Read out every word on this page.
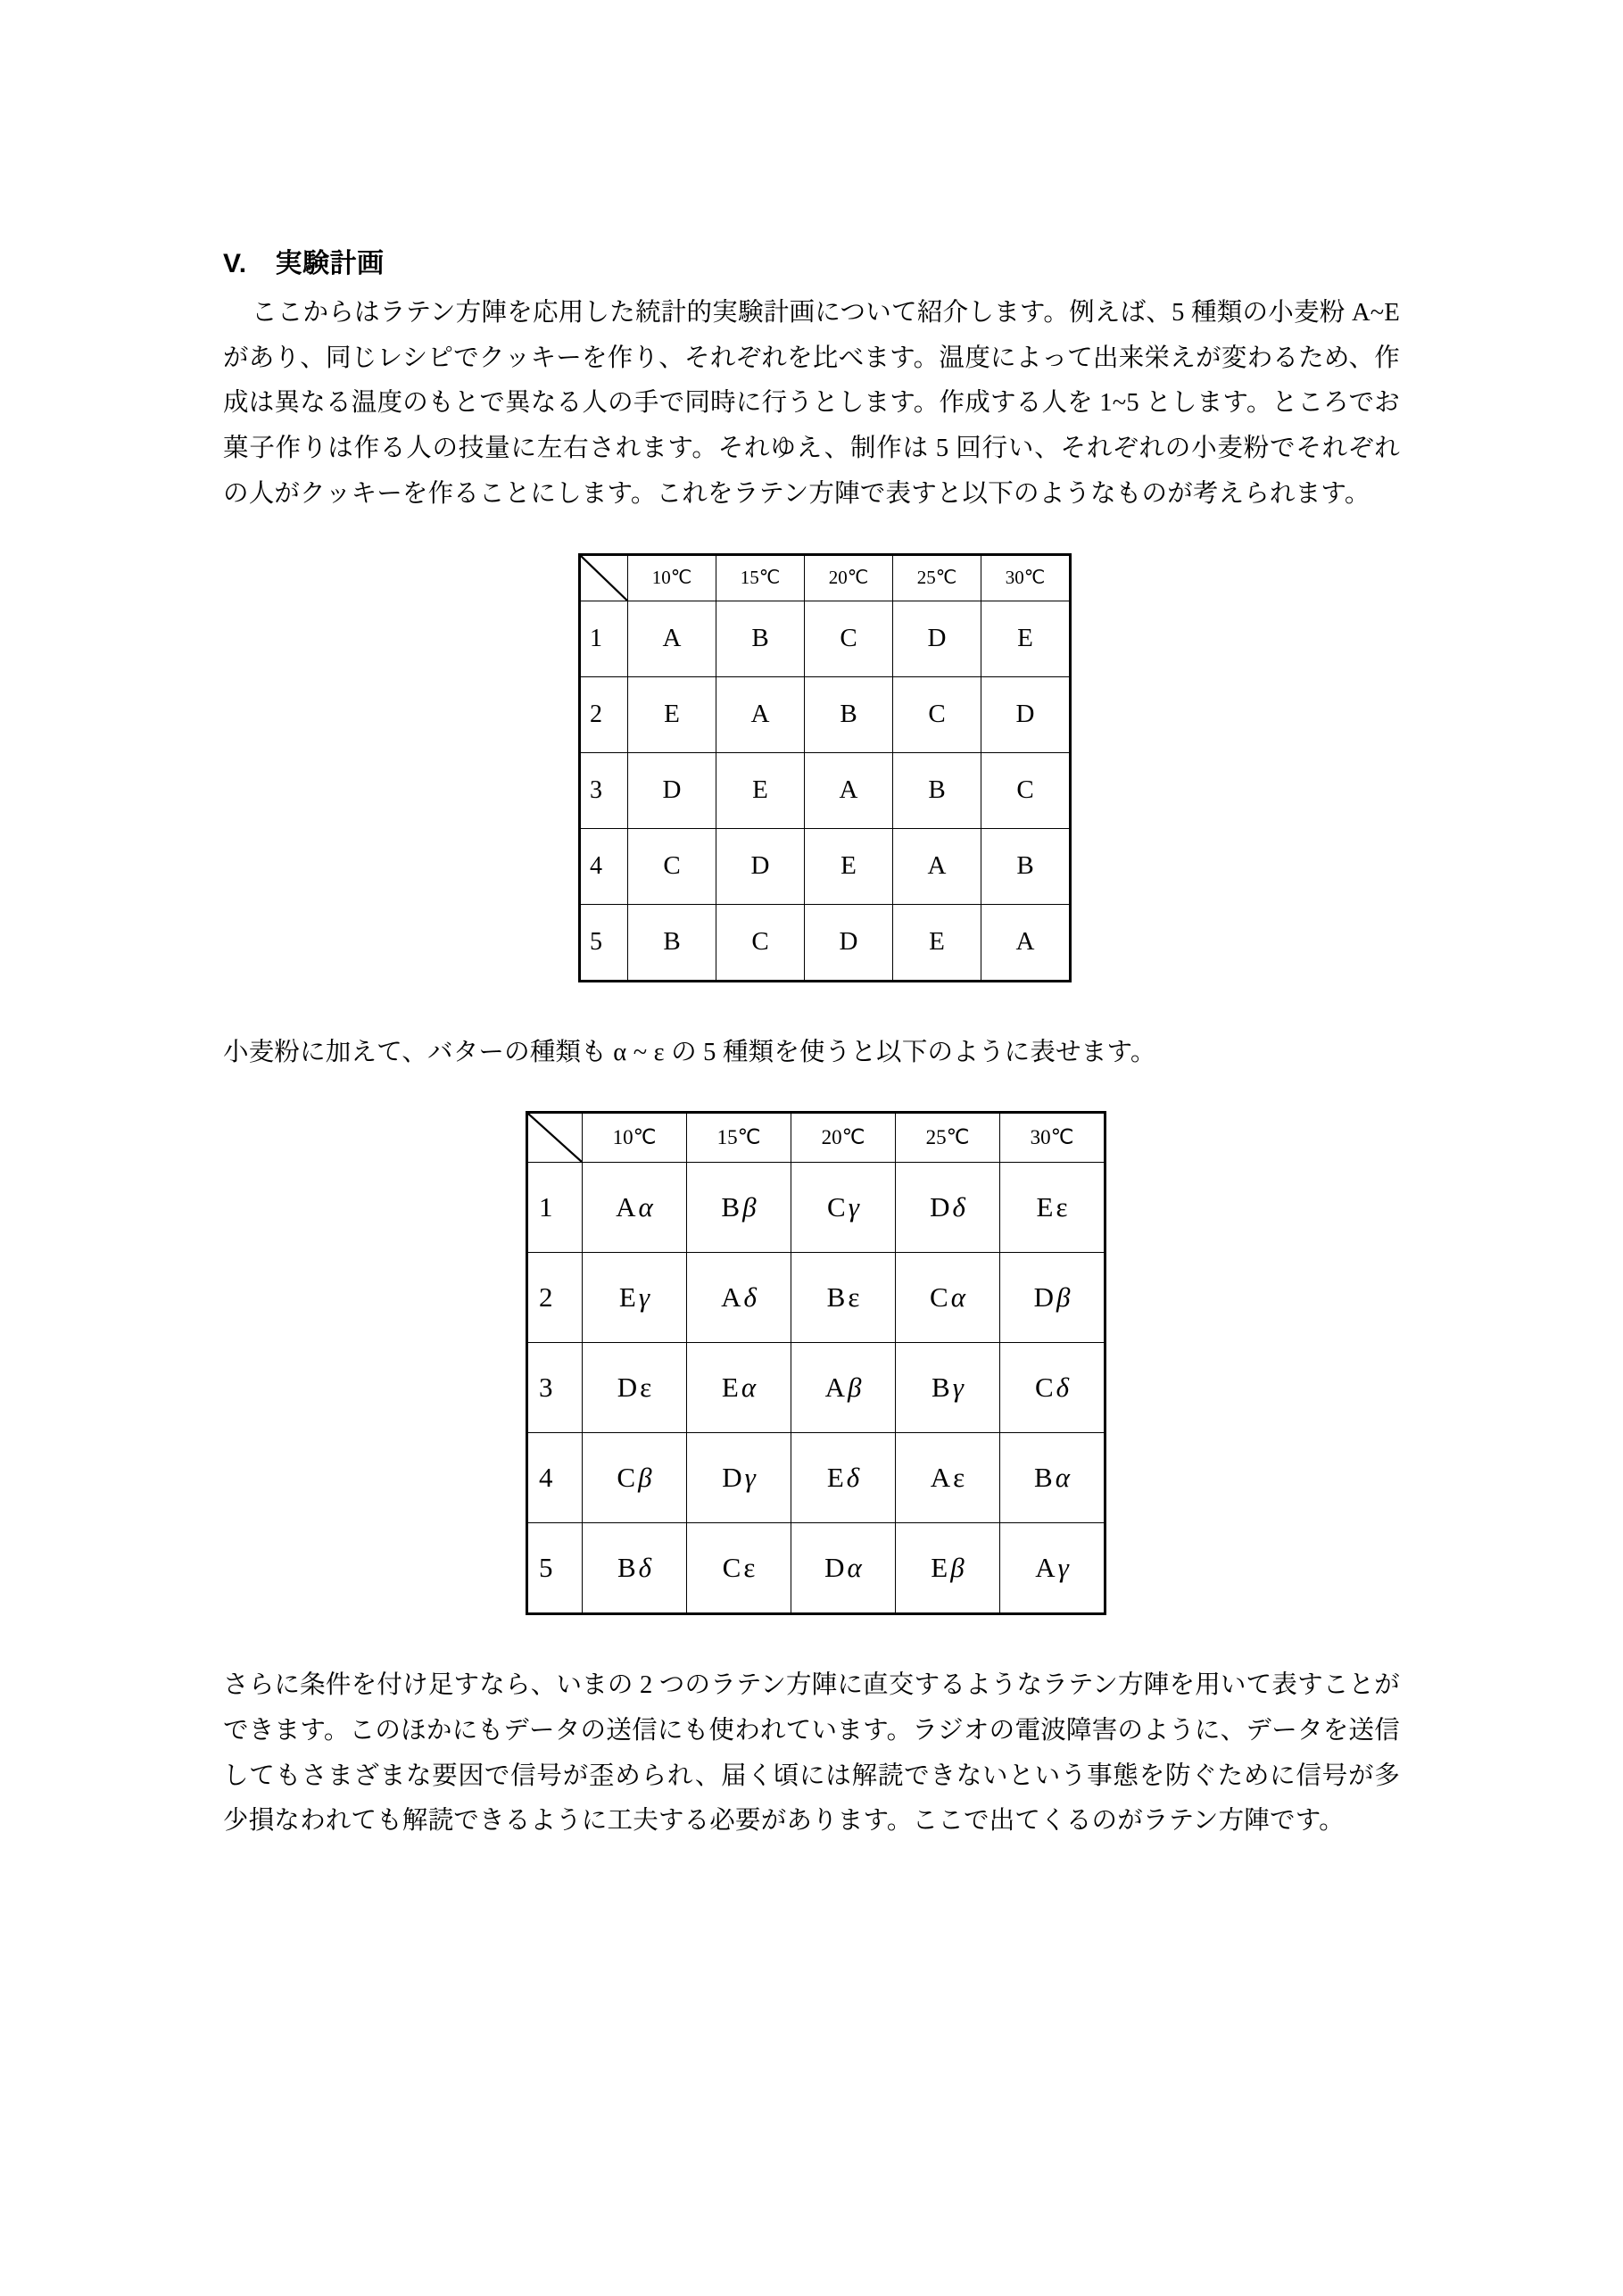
V. 実験計画

ここからはラテン方陣を応用した統計的実験計画について紹介します。例えば、5 種類の小麦粉 A~E があり、同じレシピでクッキーを作り、それぞれを比べます。温度によって出来栄えが変わるため、作成は異なる温度のもとで異なる人の手で同時に行うとします。作成する人を 1~5 とします。ところでお菓子作りは作る人の技量に左右されます。それゆえ、制作は 5 回行い、それぞれの小麦粉でそれぞれの人がクッキーを作ることにします。これをラテン方陣で表すと以下のようなものが考えられます。

	10℃	15℃	20℃	25℃	30℃
1	A	B	C	D	E
2	E	A	B	C	D
3	D	E	A	B	C
4	C	D	E	A	B
5	B	C	D	E	A

小麦粉に加えて、バターの種類も α ~ ε の 5 種類を使うと以下のように表せます。

	10℃	15℃	20℃	25℃	30℃
1	Aα	Bβ	Cγ	Dδ	Eε
2	Eγ	Aδ	Bε	Cα	Dβ
3	Dε	Eα	Aβ	Bγ	Cδ
4	Cβ	Dγ	Eδ	Aε	Bα
5	Bδ	Cε	Dα	Eβ	Aγ

さらに条件を付け足すなら、いまの 2 つのラテン方陣に直交するようなラテン方陣を用いて表すことができます。このほかにもデータの送信にも使われています。ラジオの電波障害のように、データを送信してもさまざまな要因で信号が歪められ、届く頃には解読できないという事態を防ぐために信号が多少損なわれても解読できるように工夫する必要があります。ここで出てくるのがラテン方陣です。
